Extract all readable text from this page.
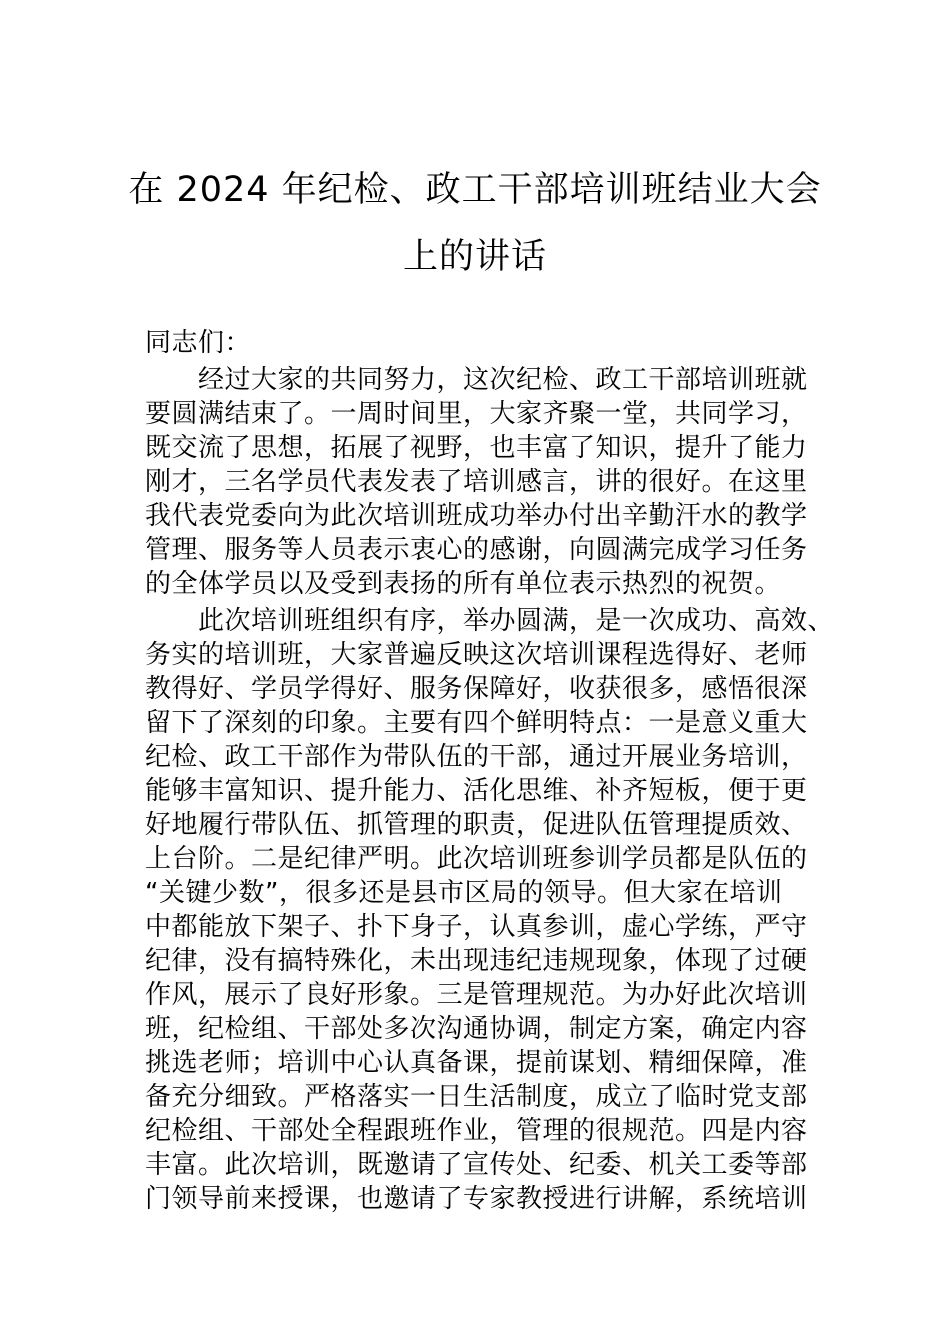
在 2024 年纪检、政工干部培训班结业大会
上的讲话
同志们：
　　经过大家的共同努力，这次纪检、政工干部培训班就
要圆满结束了。一周时间里，大家齐聚一堂，共同学习，
既交流了思想，拓展了视野，也丰富了知识，提升了能力
刚才，三名学员代表发表了培训感言，讲的很好。在这里
我代表党委向为此次培训班成功举办付出辛勤汗水的教学
管理、服务等人员表示衷心的感谢，向圆满完成学习任务
的全体学员以及受到表扬的所有单位表示热烈的祝贺。
　　此次培训班组织有序，举办圆满，是一次成功、高效、
务实的培训班，大家普遍反映这次培训课程选得好、老师
教得好、学员学得好、服务保障好，收获很多，感悟很深
留下了深刻的印象。主要有四个鲜明特点：一是意义重大
纪检、政工干部作为带队伍的干部，通过开展业务培训，
能够丰富知识、提升能力、活化思维、补齐短板，便于更
好地履行带队伍、抓管理的职责，促进队伍管理提质效、
上台阶。二是纪律严明。此次培训班参训学员都是队伍的
“关键少数”，很多还是县市区局的领导。但大家在培训
中都能放下架子、扑下身子，认真参训，虚心学练，严守
纪律，没有搞特殊化，未出现违纪违规现象，体现了过硬
作风，展示了良好形象。三是管理规范。为办好此次培训
班，纪检组、干部处多次沟通协调，制定方案，确定内容
挑选老师；培训中心认真备课，提前谋划、精细保障，准
备充分细致。严格落实一日生活制度，成立了临时党支部
纪检组、干部处全程跟班作业，管理的很规范。四是内容
丰富。此次培训，既邀请了宣传处、纪委、机关工委等部
门领导前来授课，也邀请了专家教授进行讲解，系统培训
